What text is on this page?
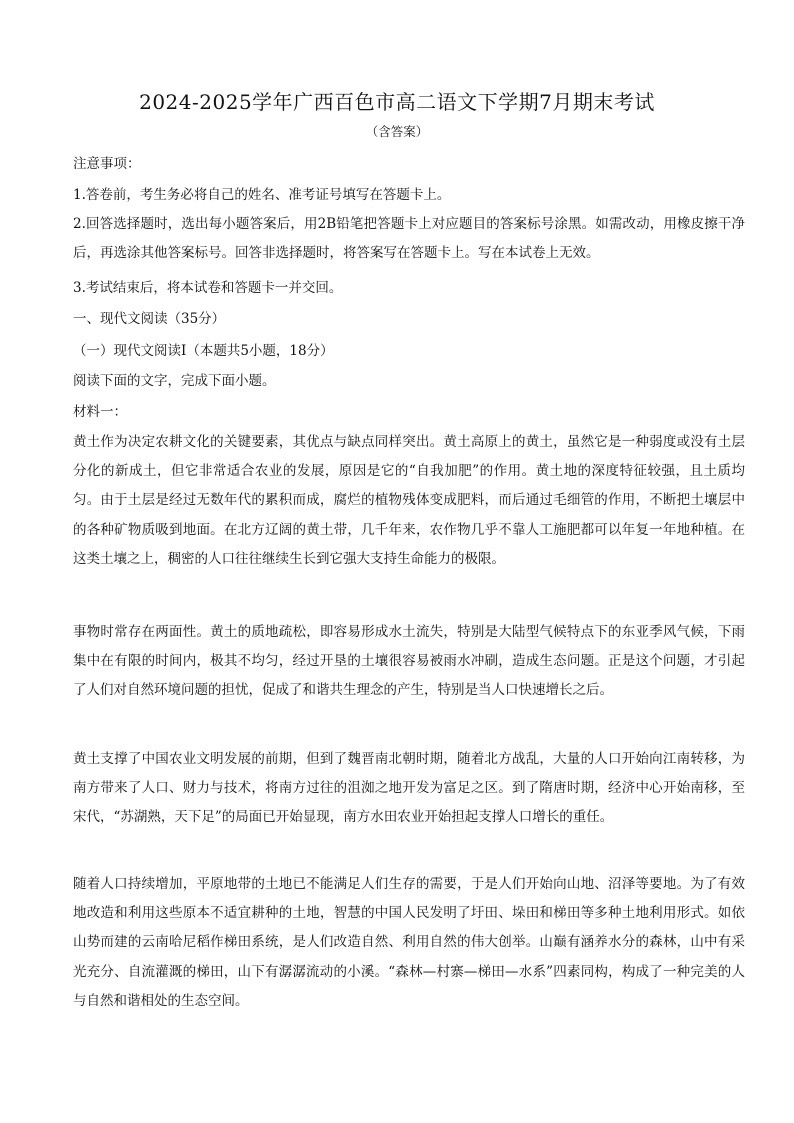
2024-2025学年广西百色市高二语文下学期7月期末考试
（含答案）
注意事项：
1.答卷前，考生务必将自己的姓名、准考证号填写在答题卡上。
2.回答选择题时，选出每小题答案后，用2B铅笔把答题卡上对应题目的答案标号涂黑。如需改动，用橡皮擦干净后，再选涂其他答案标号。回答非选择题时，将答案写在答题卡上。写在本试卷上无效。
3.考试结束后，将本试卷和答题卡一并交回。
一、现代文阅读（35分）
（一）现代文阅读Ⅰ（本题共5小题，18分）
阅读下面的文字，完成下面小题。
材料一：
黄土作为决定农耕文化的关键要素，其优点与缺点同样突出。黄土高原上的黄土，虽然它是一种弱度或没有土层分化的新成土，但它非常适合农业的发展，原因是它的“自我加肥”的作用。黄土地的深度特征较强，且土质均匀。由于土层是经过无数年代的累积而成，腐烂的植物残体变成肥料，而后通过毛细管的作用，不断把土壤层中的各种矿物质吸到地面。在北方辽阔的黄土带，几千年来，农作物几乎不靠人工施肥都可以年复一年地种植。在这类土壤之上，稠密的人口往往继续生长到它强大支持生命能力的极限。
事物时常存在两面性。黄土的质地疏松，即容易形成水土流失，特别是大陆型气候特点下的东亚季风气候，下雨集中在有限的时间内，极其不均匀，经过开垦的土壤很容易被雨水冲刷，造成生态问题。正是这个问题，才引起了人们对自然环境问题的担忧，促成了和谐共生理念的产生，特别是当人口快速增长之后。
黄土支撑了中国农业文明发展的前期，但到了魏晋南北朝时期，随着北方战乱，大量的人口开始向江南转移，为南方带来了人口、财力与技术，将南方过往的沮洳之地开发为富足之区。到了隋唐时期，经济中心开始南移，至宋代，“苏湖熟，天下足”的局面已开始显现，南方水田农业开始担起支撑人口增长的重任。
随着人口持续增加，平原地带的土地已不能满足人们生存的需要，于是人们开始向山地、沼泽等要地。为了有效地改造和利用这些原本不适宜耕种的土地，智慧的中国人民发明了圩田、垛田和梯田等多种土地利用形式。如依山势而建的云南哈尼稻作梯田系统，是人们改造自然、利用自然的伟大创举。山巅有涵养水分的森林，山中有采光充分、自流灌溉的梯田，山下有潺潺流动的小溪。“森林—村寨—梯田—水系”四素同构，构成了一种完美的人与自然和谐相处的生态空间。
